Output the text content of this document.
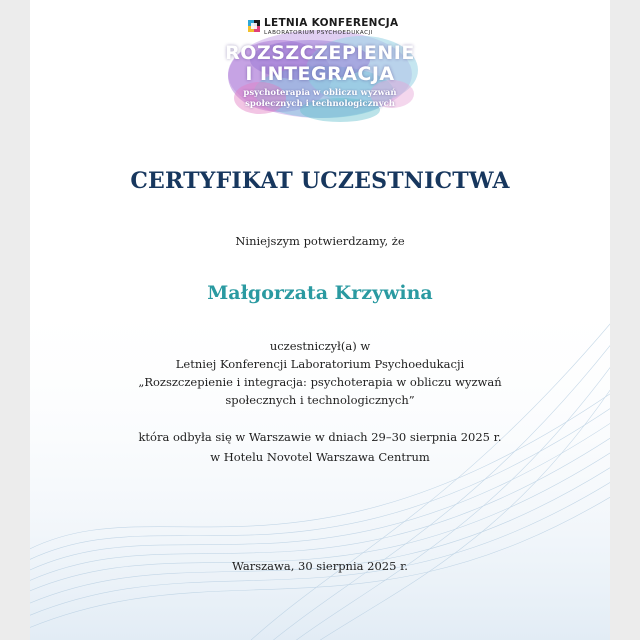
LETNIA KONFERENCJA
LABORATORIUM PSYCHOEDUKACJI
ROZSZCZEPIENIE
I INTEGRACJA
psychoterapia w obliczu wyzwań
społecznych i technologicznych
CERTYFIKAT UCZESTNICTWA
Niniejszym potwierdzamy, że
Małgorzata Krzywina
uczestniczył(a) w
Letniej Konferencji Laboratorium Psychoedukacji
„Rozszczepienie i integracja: psychoterapia w obliczu wyzwań
społecznych i technologicznych”
która odbyła się w Warszawie w dniach 29–30 sierpnia 2025 r.
w Hotelu Novotel Warszawa Centrum
Warszawa, 30 sierpnia 2025 r.
